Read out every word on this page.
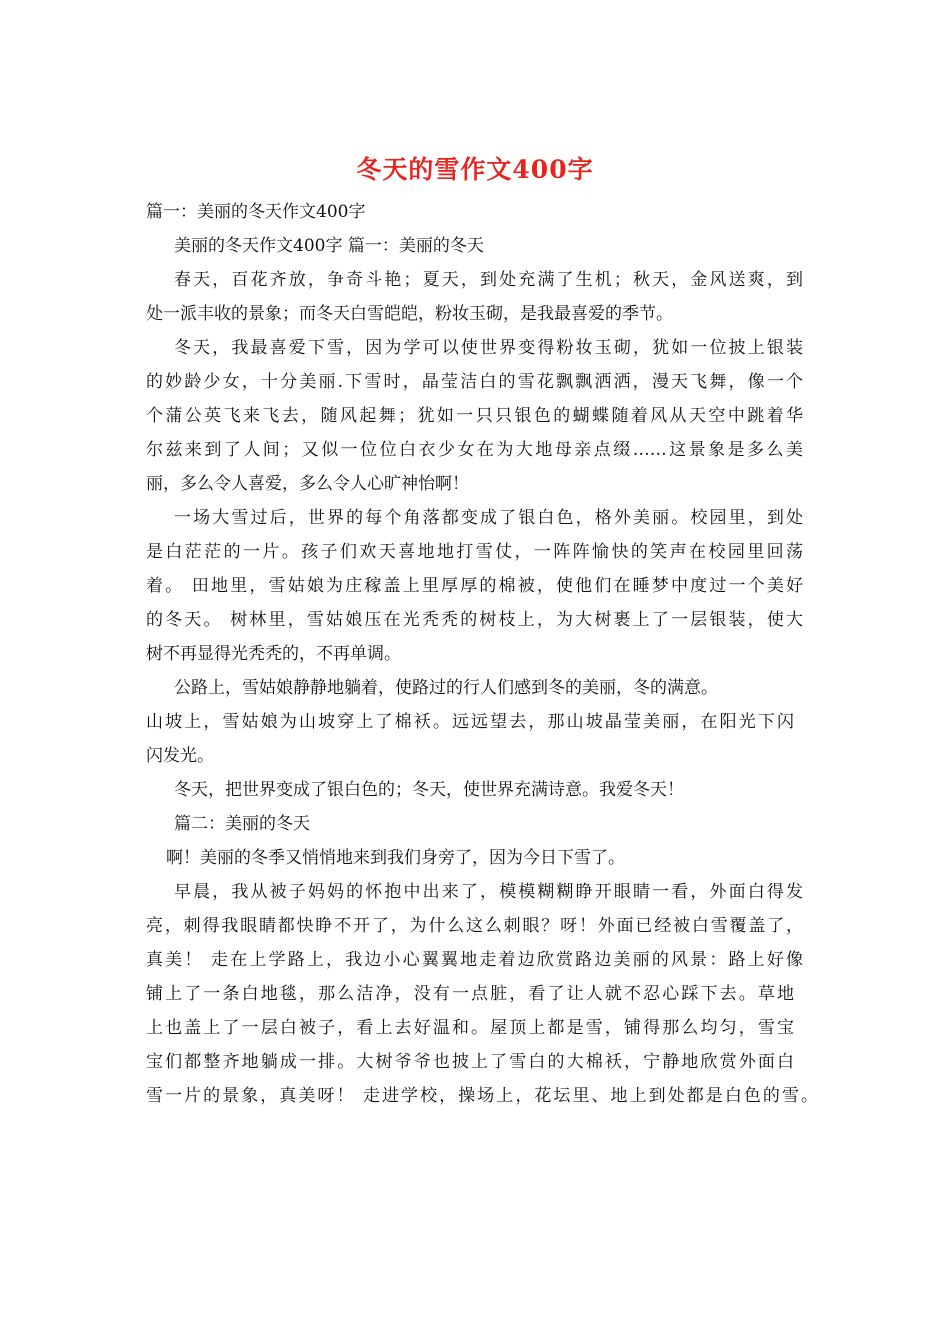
冬天的雪作文400字
篇一：美丽的冬天作文400字
美丽的冬天作文400字 篇一：美丽的冬天
春天，百花齐放，争奇斗艳；夏天，到处充满了生机；秋天，金风送爽，到
处一派丰收的景象；而冬天白雪皑皑，粉妆玉砌，是我最喜爱的季节。
冬天，我最喜爱下雪，因为学可以使世界变得粉妆玉砌，犹如一位披上银装
的妙龄少女，十分美丽.下雪时，晶莹洁白的雪花飘飘洒洒，漫天飞舞，像一个
个蒲公英飞来飞去，随风起舞；犹如一只只银色的蝴蝶随着风从天空中跳着华
尔兹来到了人间；又似一位位白衣少女在为大地母亲点缀……这景象是多么美
丽，多么令人喜爱，多么令人心旷神怡啊！
一场大雪过后，世界的每个角落都变成了银白色，格外美丽。校园里，到处
是白茫茫的一片。孩子们欢天喜地地打雪仗，一阵阵愉快的笑声在校园里回荡
着。 田地里，雪姑娘为庄稼盖上里厚厚的棉被，使他们在睡梦中度过一个美好
的冬天。 树林里，雪姑娘压在光秃秃的树枝上，为大树裹上了一层银装，使大
树不再显得光秃秃的，不再单调。
公路上，雪姑娘静静地躺着，使路过的行人们感到冬的美丽，冬的满意。
山坡上，雪姑娘为山坡穿上了棉袄。远远望去，那山坡晶莹美丽，在阳光下闪
闪发光。
冬天，把世界变成了银白色的；冬天，使世界充满诗意。我爱冬天！
篇二：美丽的冬天
啊！美丽的冬季又悄悄地来到我们身旁了，因为今日下雪了。
早晨，我从被子妈妈的怀抱中出来了，模模糊糊睁开眼睛一看，外面白得发
亮，刺得我眼睛都快睁不开了，为什么这么刺眼？呀！外面已经被白雪覆盖了，
真美！ 走在上学路上，我边小心翼翼地走着边欣赏路边美丽的风景：路上好像
铺上了一条白地毯，那么洁净，没有一点脏，看了让人就不忍心踩下去。草地
上也盖上了一层白被子，看上去好温和。屋顶上都是雪，铺得那么均匀，雪宝
宝们都整齐地躺成一排。大树爷爷也披上了雪白的大棉袄，宁静地欣赏外面白
雪一片的景象，真美呀！ 走进学校，操场上，花坛里、地上到处都是白色的雪。
